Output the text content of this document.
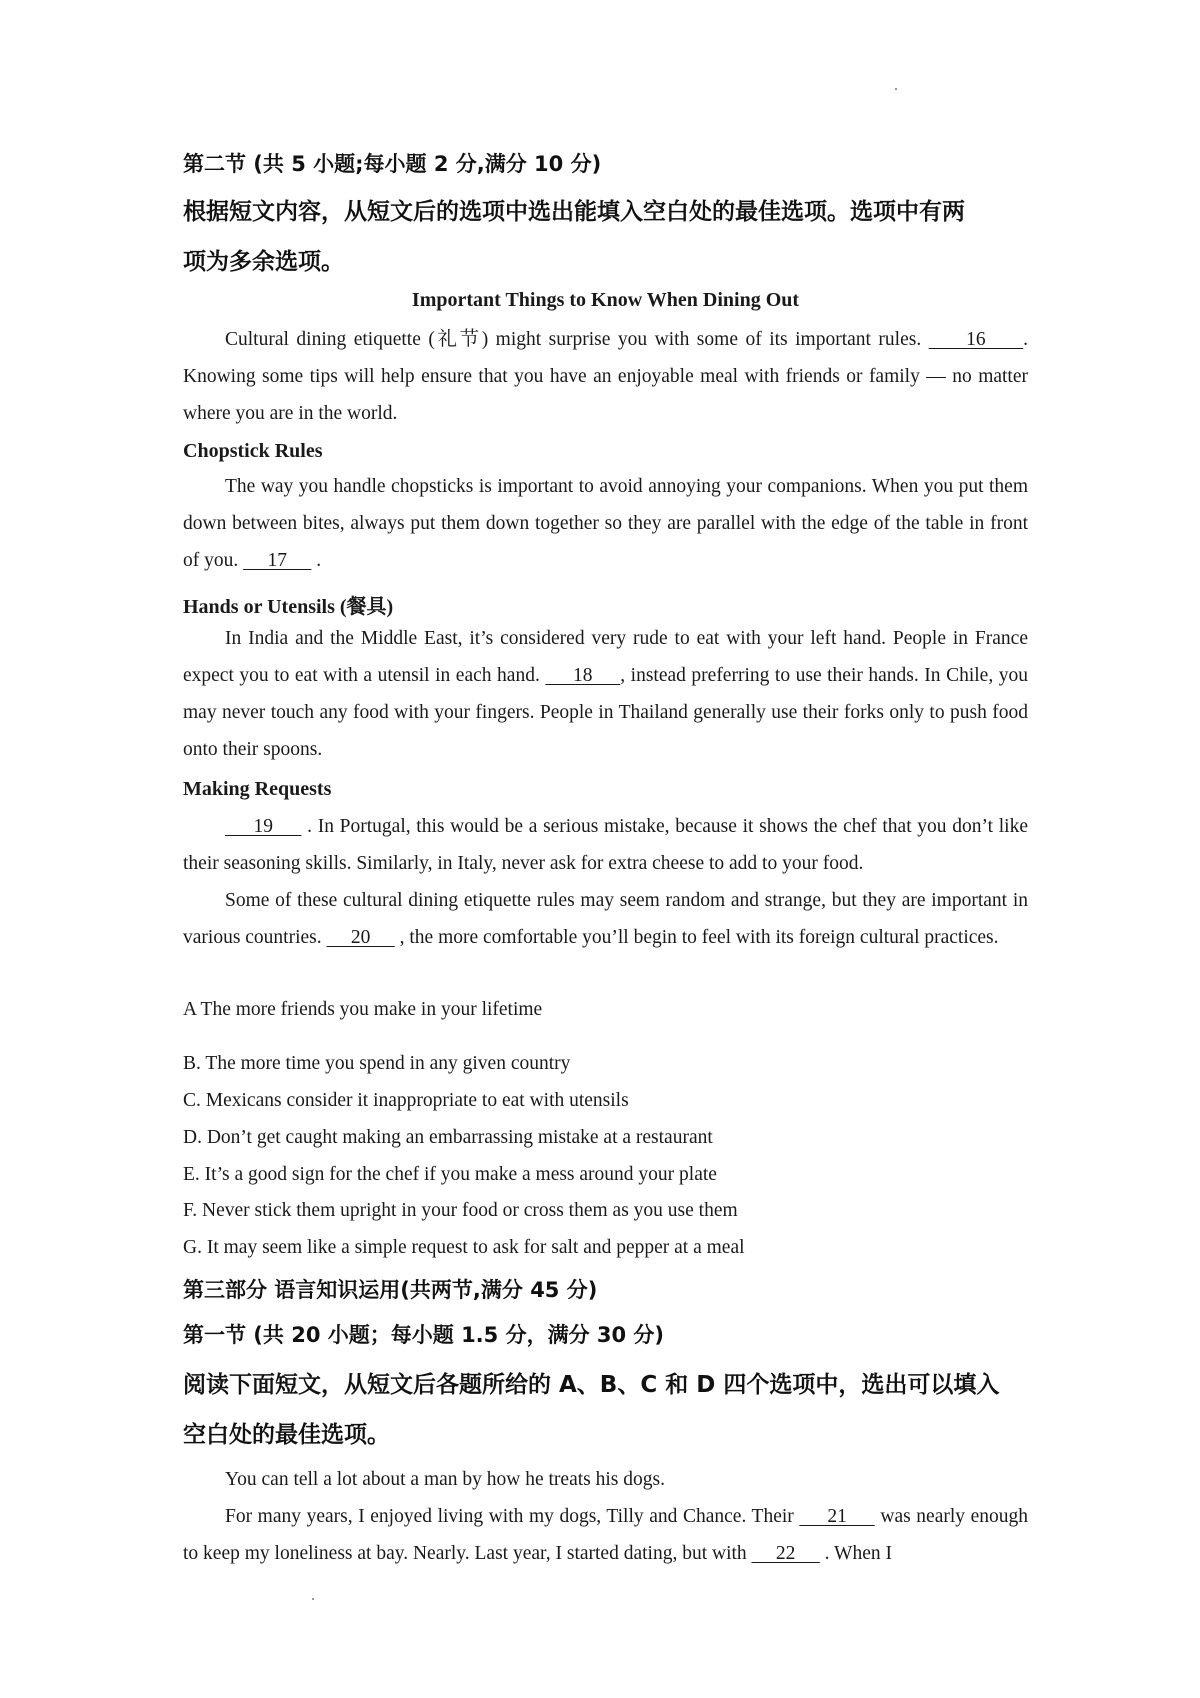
第二节 (共 5 小题;每小题 2 分,满分 10 分)
根据短文内容，从短文后的选项中选出能填入空白处的最佳选项。选项中有两
项为多余选项。
Important Things to Know When Dining Out
Cultural dining etiquette (礼节) might surprise you with some of its important rules.      16     . Knowing some tips will help ensure that you have an enjoyable meal with friends or family — no matter where you are in the world.
Chopstick Rules
The way you handle chopsticks is important to avoid annoying your companions. When you put them down between bites, always put them down together so they are parallel with the edge of the table in front of you.      17      .
Hands or Utensils (餐具)
In India and the Middle East, it’s considered very rude to eat with your left hand. People in France expect you to eat with a utensil in each hand.      18     , instead preferring to use their hands. In Chile, you may never touch any food with your fingers. People in Thailand generally use their forks only to push food onto their spoons.
Making Requests
19      . In Portugal, this would be a serious mistake, because it shows the chef that you don’t like their seasoning skills. Similarly, in Italy, never ask for extra cheese to add to your food.
Some of these cultural dining etiquette rules may seem random and strange, but they are important in various countries.      20      , the more comfortable you’ll begin to feel with its foreign cultural practices.
A The more friends you make in your lifetime
B. The more time you spend in any given country
C. Mexicans consider it inappropriate to eat with utensils
D. Don’t get caught making an embarrassing mistake at a restaurant
E. It’s a good sign for the chef if you make a mess around your plate
F. Never stick them upright in your food or cross them as you use them
G. It may seem like a simple request to ask for salt and pepper at a meal
第三部分 语言知识运用(共两节,满分 45 分)
第一节 (共 20 小题；每小题 1.5 分，满分 30 分)
阅读下面短文，从短文后各题所给的 A、B、C 和 D 四个选项中，选出可以填入
空白处的最佳选项。
You can tell a lot about a man by how he treats his dogs.
For many years, I enjoyed living with my dogs, Tilly and Chance. Their      21      was nearly enough to keep my loneliness at bay. Nearly. Last year, I started dating, but with      22      . When I
